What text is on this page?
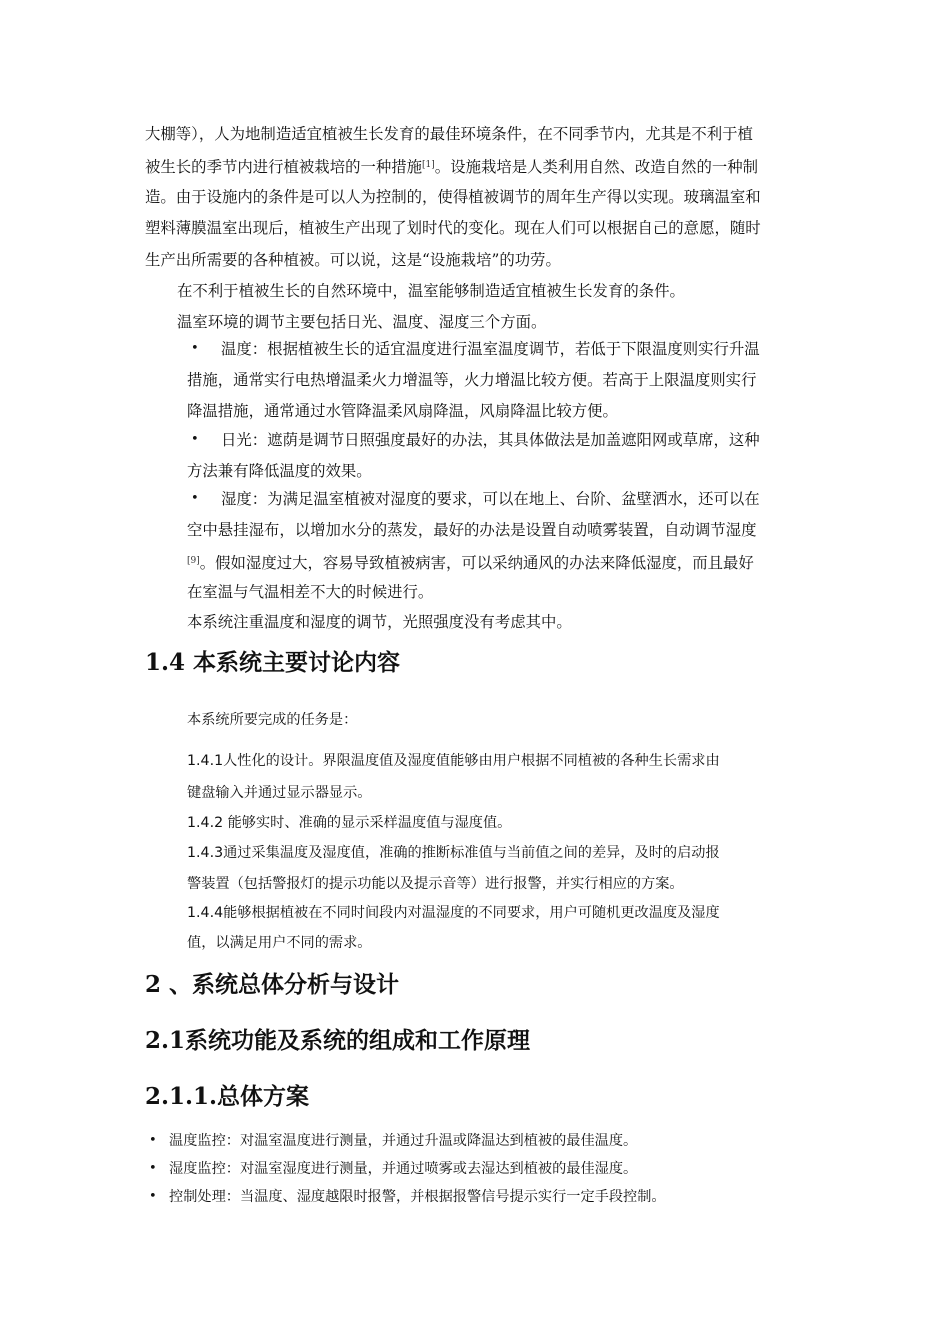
大棚等），人为地制造适宜植被生长发育的最佳环境条件，在不同季节内，尤其是不利于植
被生长的季节内进行植被栽培的一种措施[1]。设施栽培是人类利用自然、改造自然的一种制
造。由于设施内的条件是可以人为控制的，使得植被调节的周年生产得以实现。玻璃温室和
塑料薄膜温室出现后，植被生产出现了划时代的变化。现在人们可以根据自己的意愿，随时
生产出所需要的各种植被。可以说，这是“设施栽培”的功劳。
在不利于植被生长的自然环境中，温室能够制造适宜植被生长发育的条件。
温室环境的调节主要包括日光、温度、湿度三个方面。
• 温度：根据植被生长的适宜温度进行温室温度调节，若低于下限温度则实行升温
措施，通常实行电热增温柔火力增温等，火力增温比较方便。若高于上限温度则实行
降温措施，通常通过水管降温柔风扇降温，风扇降温比较方便。
• 日光：遮荫是调节日照强度最好的办法，其具体做法是加盖遮阳网或草席，这种
方法兼有降低温度的效果。
• 湿度：为满足温室植被对湿度的要求，可以在地上、台阶、盆壁洒水，还可以在
空中悬挂湿布，以增加水分的蒸发，最好的办法是设置自动喷雾装置，自动调节湿度
[9]。假如湿度过大，容易导致植被病害，可以采纳通风的办法来降低湿度，而且最好
在室温与气温相差不大的时候进行。
本系统注重温度和湿度的调节，光照强度没有考虑其中。
1.4 本系统主要讨论内容
本系统所要完成的任务是：
1.4.1人性化的设计。界限温度值及湿度值能够由用户根据不同植被的各种生长需求由
键盘输入并通过显示器显示。
1.4.2 能够实时、准确的显示采样温度值与湿度值。
1.4.3通过采集温度及湿度值，准确的推断标准值与当前值之间的差异，及时的启动报
警装置（包括警报灯的提示功能以及提示音等）进行报警，并实行相应的方案。
1.4.4能够根据植被在不同时间段内对温湿度的不同要求，用户可随机更改温度及湿度
值，以满足用户不同的需求。
2 、系统总体分析与设计
2.1系统功能及系统的组成和工作原理
2.1.1.总体方案
• 温度监控：对温室温度进行测量，并通过升温或降温达到植被的最佳温度。
• 湿度监控：对温室湿度进行测量，并通过喷雾或去湿达到植被的最佳湿度。
• 控制处理：当温度、湿度越限时报警，并根据报警信号提示实行一定手段控制。
